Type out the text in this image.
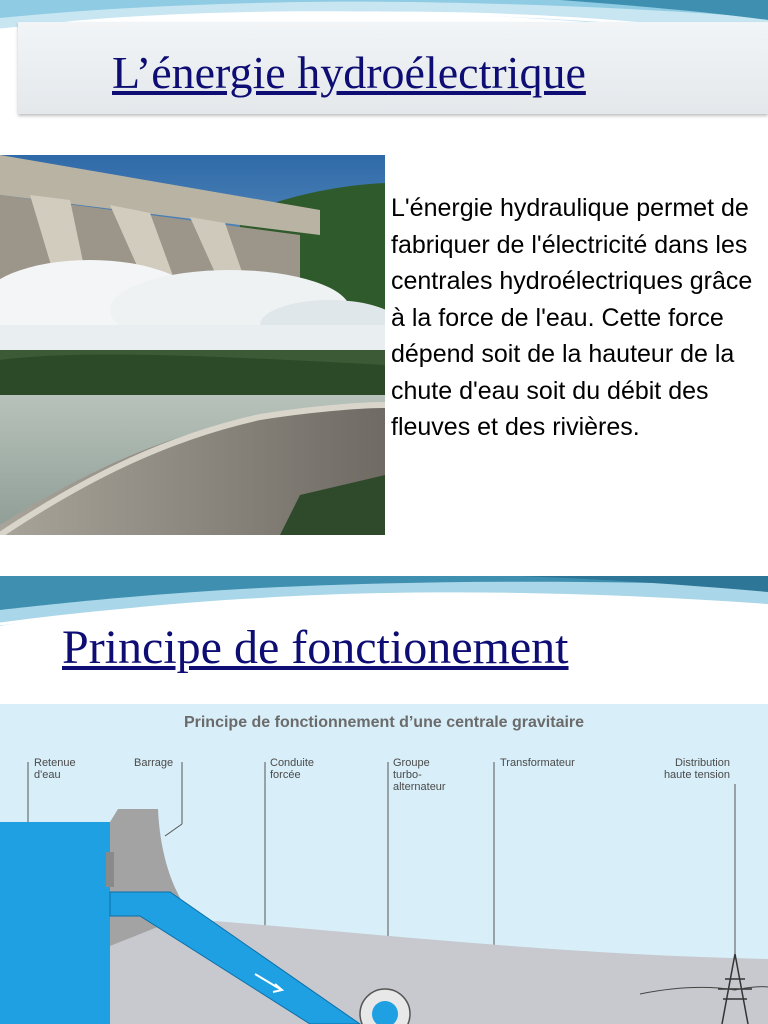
L’énergie hydroélectrique
L'énergie hydraulique permet de fabriquer de l'électricité dans les centrales hydroélectriques grâce à la force de l'eau. Cette force dépend soit de la hauteur de la chute d'eau soit du débit des fleuves et des rivières.
Principe de fonctionement
Principe de fonctionnement d’une centrale gravitaire
Retenue
d'eau
Barrage	Conduite
forcée
Groupe
turbo-
alternateur
Transformateur	Distribution
haute tension
